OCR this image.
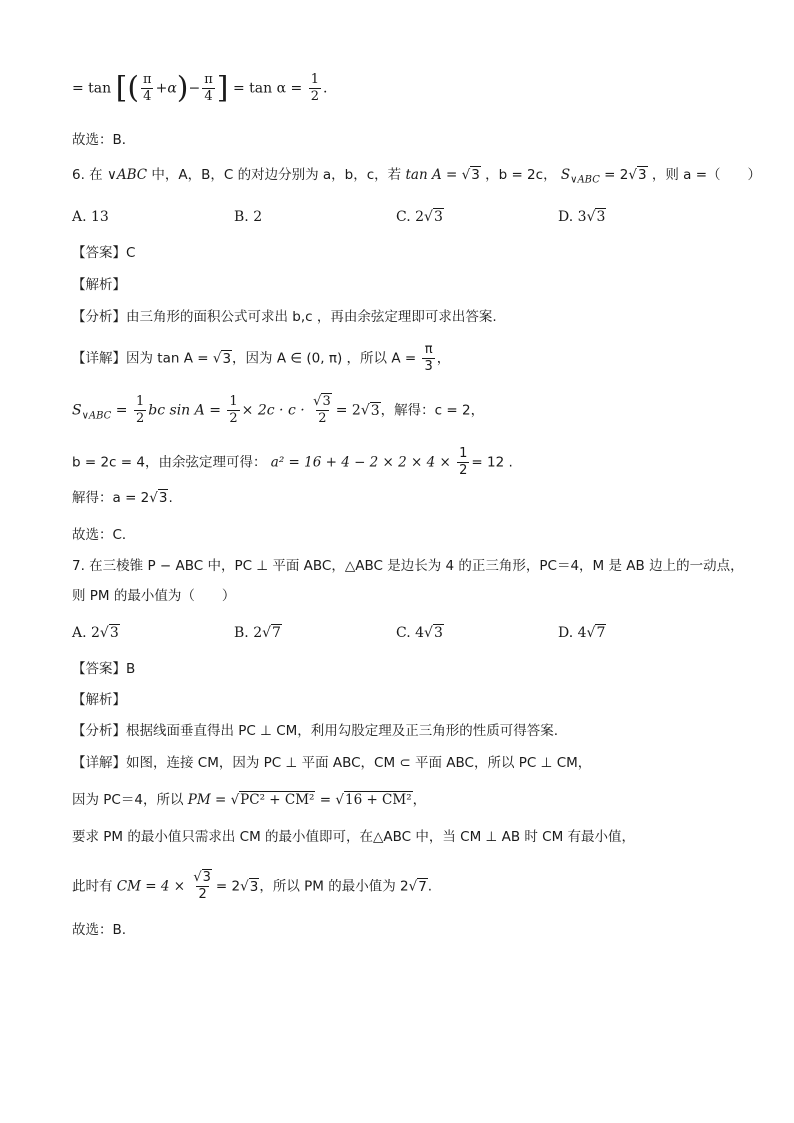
= tan [( $\frac{\pi}{4} +\alpha)- \frac{\pi}{4}$ ] = $\tan \alpha = \frac{1}{2}$ .
故选：B．
6. 在 ∨ABC 中，A，B，C 的对边分别为 a，b，c，若 tan A = √3 ，b = 2c， $S_{\vee ABC} = 2√3$ ，则 a =（　　）
A. 13	B. 2	C. 2√3	D. 3√3
【答案】C
【解析】
【分析】由三角形的面积公式可求出 b,c ，再由余弦定理即可求出答案.
【详解】因为 tan A = √3，因为 A ∈ (0, π) ，所以 $A = \frac{\pi}{3}$ ，
$S_{\vee ABC} = \frac{1}{2}$ bc $\sin A = \frac{1}{2} \times 2c \cdot c \cdot \frac{√3}{2} = 2√3$，解得：c = 2，
b = 2c = 4，由余弦定理可得： $a^2 = 16 + 4 - 2 \times 2 \times 4 \times \frac{1}{2} = 12$ .
解得：a = 2√3.
故选：C．
7. 在三棱锥 P − ABC 中，PC ⊥ 平面 ABC，△ABC 是边长为 4 的正三角形，PC＝4，M 是 AB 边上的一动点，
则 PM 的最小值为（　　）
A. 2√3	B. 2√7	C. 4√3	D. 4√7
【答案】B
【解析】
【分析】根据线面垂直得出 PC ⊥ CM，利用勾股定理及正三角形的性质可得答案.
【详解】如图，连接 CM，因为 PC ⊥ 平面 ABC，CM ⊂ 平面 ABC，所以 PC ⊥ CM，
因为 PC＝4，所以 PM = √PC² + CM² = √16 + CM²，
要求 PM 的最小值只需求出 CM 的最小值即可，在△ABC 中，当 CM ⊥ AB 时 CM 有最小值，
此时有 CM = $4 \times \frac{√3}{2} = 2√3$，所以 PM 的最小值为 2√7.
故选：B.
